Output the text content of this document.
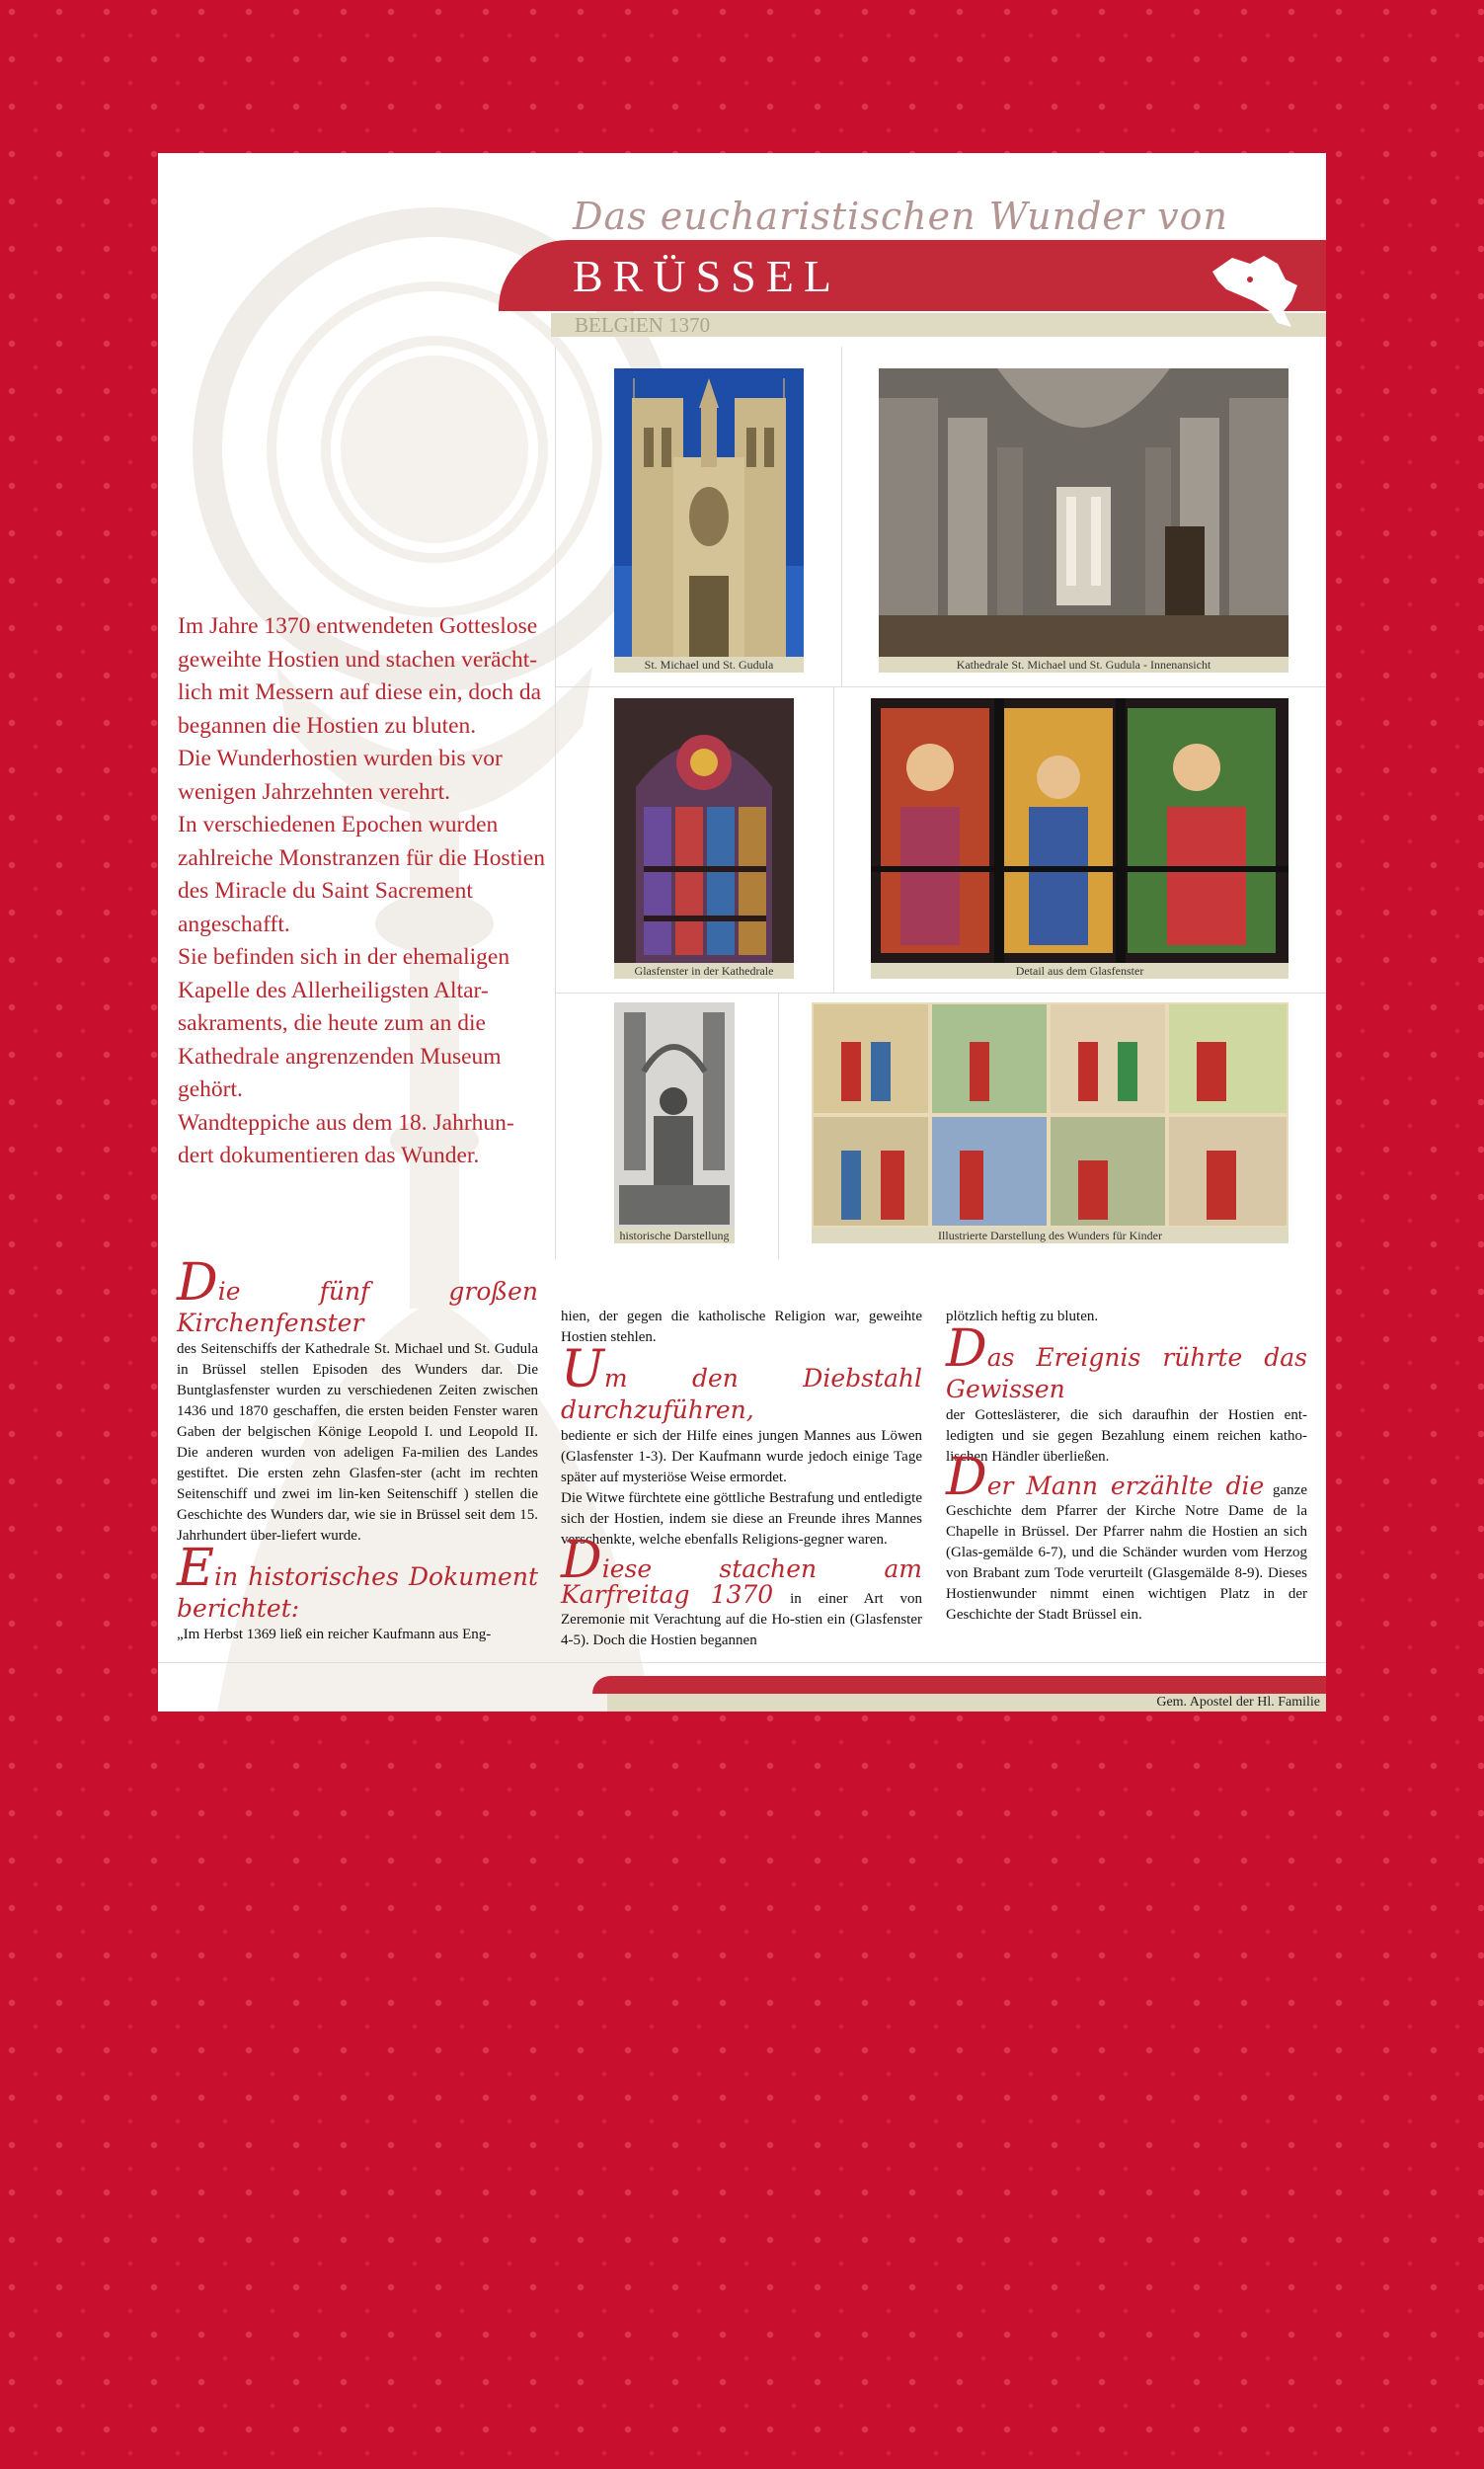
Das eucharistischen Wunder von
BRÜSSEL
BELGIEN 1370
St. Michael und St. Gudula	Kathedrale St. Michael und St. Gudula - Innenansicht
Glasfenster in der Kathedrale	Detail aus dem Glasfenster
historische Darstellung	Illustrierte Darstellung des Wunders für Kinder

Im Jahre 1370 entwendeten Gotteslose geweihte Hostien und stachen verächt-lich mit Messern auf diese ein, doch da begannen die Hostien zu bluten.

Die Wunderhostien wurden bis vor wenigen Jahrzehnten verehrt.

In verschiedenen Epochen wurden zahlreiche Monstranzen für die Hostien des Miracle du Saint Sacrement angeschafft.

Sie befinden sich in der ehemaligen Kapelle des Allerheiligsten Altar-sakraments, die heute zum an die Kathedrale angrenzenden Museum gehört.

Wandteppiche aus dem 18. Jahrhun-dert dokumentieren das Wunder.

Die fünf großen Kirchenfenster

des Seitenschiffs der Kathedrale St. Michael und St. Gudula in Brüssel stellen Episoden des Wunders dar. Die Buntglasfenster wurden zu verschiedenen Zeiten zwischen 1436 und 1870 geschaffen, die ersten beiden Fenster waren Gaben der belgischen Könige Leopold I. und Leopold II. Die anderen wurden von adeligen Fa-milien des Landes gestiftet. Die ersten zehn Glasfen-ster (acht im rechten Seitenschiff und zwei im lin-ken Seitenschiff ) stellen die Geschichte des Wunders dar, wie sie in Brüssel seit dem 15. Jahrhundert über-liefert wurde.

Ein historisches Dokument berichtet:

„Im Herbst 1369 ließ ein reicher Kaufmann aus Eng-

hien, der gegen die katholische Religion war, geweihte Hostien stehlen.

Um den Diebstahl durchzuführen,

bediente er sich der Hilfe eines jungen Mannes aus Löwen (Glasfenster 1-3). Der Kaufmann wurde jedoch einige Tage später auf mysteriöse Weise ermordet.

Die Witwe fürchtete eine göttliche Bestrafung und entledigte sich der Hostien, indem sie diese an Freunde ihres Mannes verschenkte, welche ebenfalls Religions-gegner waren.

Diese stachen am Karfreitag 1370 in einer Art von Zeremonie mit Verachtung auf die Ho-stien ein (Glasfenster 4-5). Doch die Hostien begannen

plötzlich heftig zu bluten.

Das Ereignis rührte das Gewissen

der Gotteslästerer, die sich daraufhin der Hostien ent-ledigten und sie gegen Bezahlung einem reichen katho-lischen Händler überließen.

Der Mann erzählte die ganze Geschichte dem Pfarrer der Kirche Notre Dame de la Chapelle in Brüssel. Der Pfarrer nahm die Hostien an sich (Glas-gemälde 6-7), und die Schänder wurden vom Herzog von Brabant zum Tode verurteilt (Glasgemälde 8-9). Dieses Hostienwunder nimmt einen wichtigen Platz in der Geschichte der Stadt Brüssel ein.

Gem. Apostel der Hl. Familie
